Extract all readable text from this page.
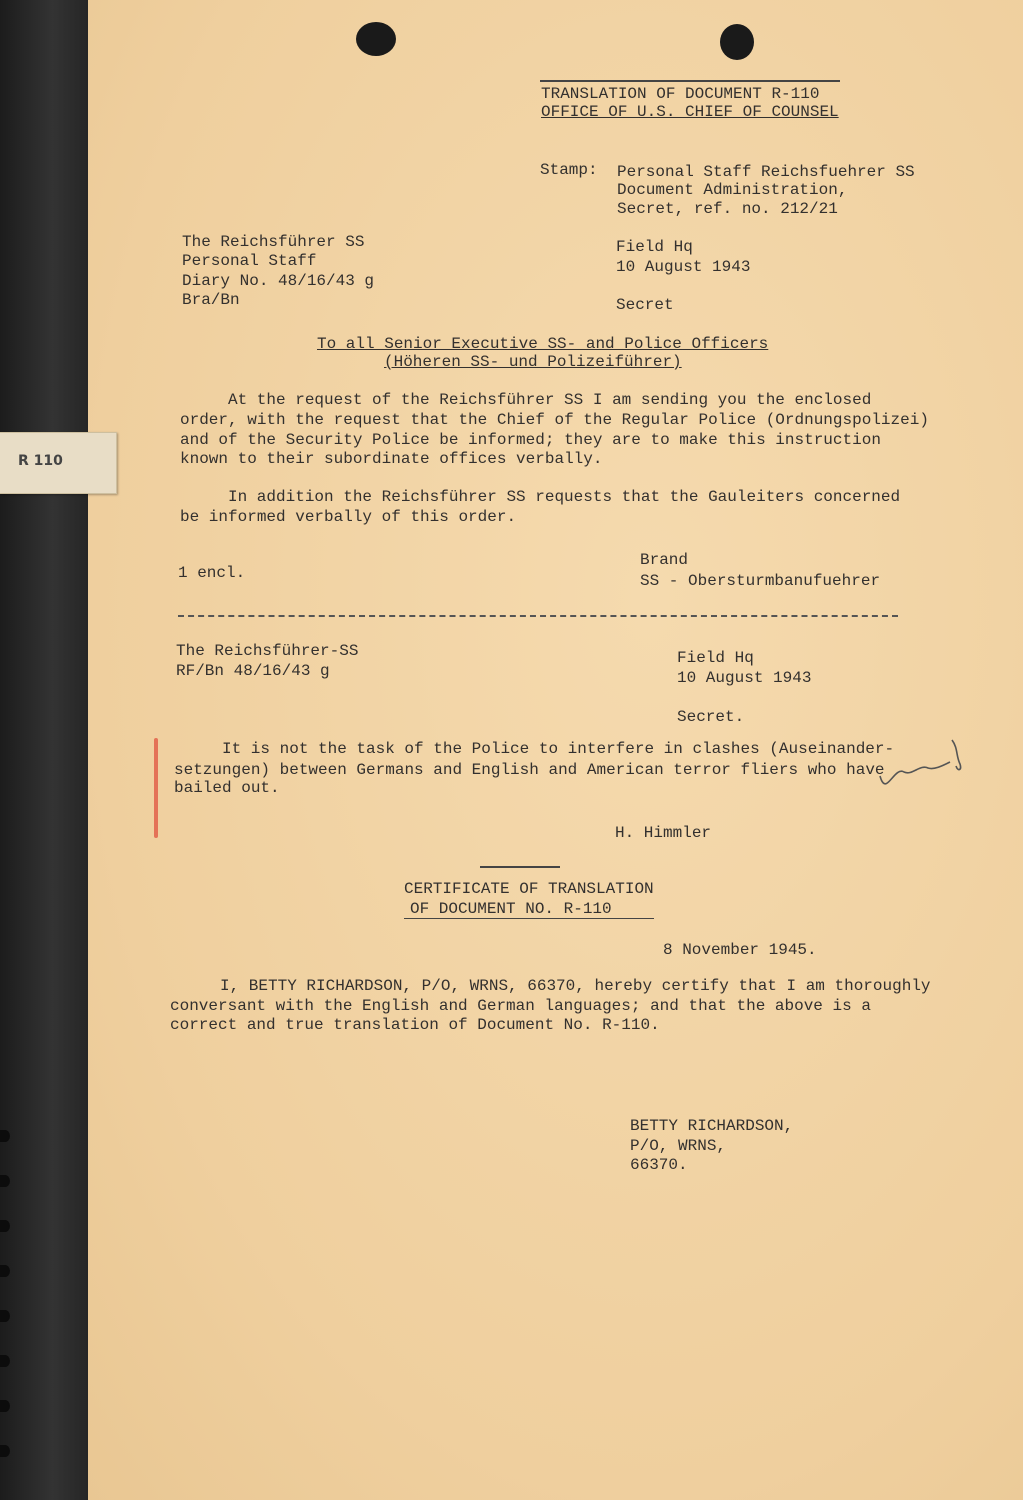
R 110
TRANSLATION OF DOCUMENT R-110
OFFICE OF U.S. CHIEF OF COUNSEL
Stamp: Personal Staff Reichsfuehrer SS
Document Administration,
Secret, ref. no. 212/21
The Reichsführer SS
Personal Staff
Diary No. 48/16/43 g
Bra/Bn
Field Hq
10 August 1943
Secret
To all Senior Executive SS- and Police Officers
(Höheren SS- und Polizeiführer)
At the request of the Reichsführer SS I am sending you the enclosed
order, with the request that the Chief of the Regular Police (Ordnungspolizei)
and of the Security Police be informed; they are to make this instruction
known to their subordinate offices verbally.
In addition the Reichsführer SS requests that the Gauleiters concerned
be informed verbally of this order.
1 encl.
Brand
SS - Obersturmbanufuehrer
The Reichsführer-SS
RF/Bn 48/16/43 g
Field Hq
10 August 1943
Secret.
It is not the task of the Police to interfere in clashes (Auseinander-
setzungen) between Germans and English and American terror fliers who have
bailed out.
H. Himmler
CERTIFICATE OF TRANSLATION
OF DOCUMENT NO. R-110
8 November 1945.
I, BETTY RICHARDSON, P/O, WRNS, 66370, hereby certify that I am thoroughly
conversant with the English and German languages; and that the above is a
correct and true translation of Document No. R-110.
BETTY RICHARDSON,
P/O, WRNS,
66370.
